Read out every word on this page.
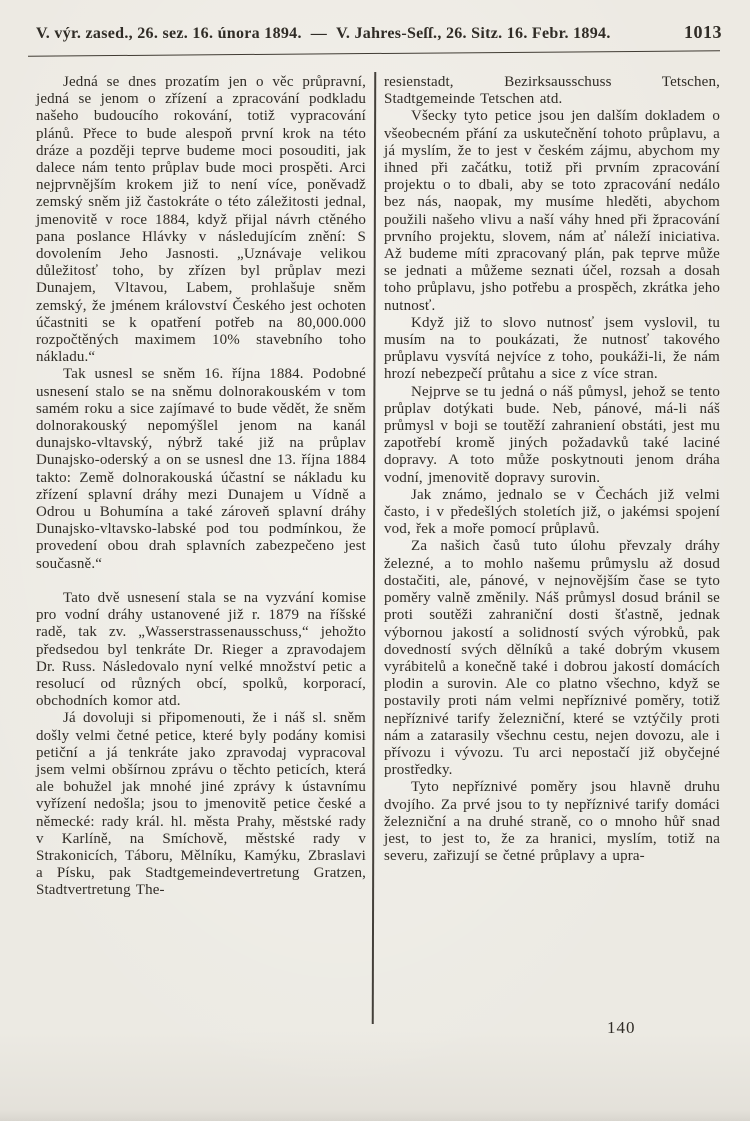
V. výr. zased., 26. sez. 16. února 1894. — V. Jahres-Seſſ., 26. Sitz. 16. Febr. 1894.	1013

Jedná se dnes prozatím jen o věc průpravní, jedná se jenom o zřízení a zpracování podkladu našeho budoucího rokování, totiž vypracování plánů. Přece to bude alespoň první krok na této dráze a později teprve budeme moci posouditi, jak dalece nám tento průplav bude moci prospěti. Arci nejprvnějším krokem již to není více, poněvadž zemský sněm již častokráte o této záležitosti jednal, jmenovitě v roce 1884, když přijal návrh ctěného pana poslance Hlávky v následujícím znění: S dovolením Jeho Jasnosti. „Uznávaje velikou důležitosť toho, by zřízen byl průplav mezi Dunajem, Vltavou, Labem, prohlašuje sněm zemský, že jménem království Českého jest ochoten účastniti se k opatření potřeb na 80,000.000 rozpočtěných maximem 10% stavebního toho nákladu.“

Tak usnesl se sněm 16. října 1884. Podobné usnesení stalo se na sněmu dolnorakouském v tom samém roku a sice zajímavé to bude vědět, že sněm dolnorakouský nepomýšlel jenom na kanál dunajsko-vltavský, nýbrž také již na průplav Dunajsko-oderský a on se usnesl dne 13. října 1884 takto: Země dolnorakouská účastní se nákladu ku zřízení splavní dráhy mezi Dunajem u Vídně a Odrou u Bohumína a také zároveň splavní dráhy Dunajsko-vltavsko-labské pod tou podmínkou, že provedení obou drah splavních zabezpečeno jest současně.“

Tato dvě usnesení stala se na vyzvání komise pro vodní dráhy ustanovené již r. 1879 na říšské radě, tak zv. „Wasserstrassenausschuss,“ jehožto předsedou byl tenkráte Dr. Rieger a zpravodajem Dr. Russ. Následovalo nyní velké množství petic a resolucí od různých obcí, spolků, korporací, obchodních komor atd.

Já dovoluji si připomenouti, že i náš sl. sněm došly velmi četné petice, které byly podány komisi petiční a já tenkráte jako zpravodaj vypracoval jsem velmi obšírnou zprávu o těchto peticích, která ale bohužel jak mnohé jiné zprávy k ústavnímu vyřízení nedošla; jsou to jmenovitě petice české a německé: rady král. hl. města Prahy, městské rady v Karlíně, na Smíchově, městské rady v Strakonicích, Táboru, Mělníku, Kamýku, Zbraslavi a Písku, pak Stadtgemeindevertretung Gratzen, Stadtvertretung The-

resienstadt, Bezirksausschuss Tetschen, Stadtgemeinde Tetschen atd.

Všecky tyto petice jsou jen dalším dokladem o všeobecném přání za uskutečnění tohoto průplavu, a já myslím, že to jest v českém zájmu, abychom my ihned při začátku, totiž při prvním zpracování projektu o to dbali, aby se toto zpracování nedálo bez nás, naopak, my musíme hleděti, abychom použili našeho vlivu a naší váhy hned při žpracování prvního projektu, slovem, nám ať náleží iniciativa. Až budeme míti zpracovaný plán, pak teprve může se jednati a můžeme seznati účel, rozsah a dosah toho průplavu, jsho potřebu a prospěch, zkrátka jeho nutnosť.

Když již to slovo nutnosť jsem vyslovil, tu musím na to poukázati, že nutnosť takového průplavu vysvítá nejvíce z toho, poukáži-li, že nám hrozí nebezpečí průtahu a sice z více stran.

Nejprve se tu jedná o náš půmysl, jehož se tento průplav dotýkati bude. Neb, pánové, má-li náš průmysl v boji se toutěží zahraniení obstáti, jest mu zapotřebí kromě jiných požadavků také laciné dopravy. A toto může poskytnouti jenom dráha vodní, jmenovitě dopravy surovin.

Jak známo, jednalo se v Čechách již velmi často, i v předešlých stoletích již, o jakémsi spojení vod, řek a moře pomocí průplavů.

Za našich časů tuto úlohu převzaly dráhy železné, a to mohlo našemu průmyslu až dosud dostačiti, ale, pánové, v nejnovějším čase se tyto poměry valně změnily. Náš průmysl dosud bránil se proti soutěži zahraniční dosti šťastně, jednak výbornou jakostí a solidností svých výrobků, pak dovedností svých dělníků a také dobrým vkusem vyrábitelů a konečně také i dobrou jakostí domácích plodin a surovin. Ale co platno všechno, když se postavily proti nám velmi nepříznivé poměry, totiž nepříznivé tarify železniční, které se vztýčily proti nám a zatarasily všechnu cestu, nejen dovozu, ale i přívozu i vývozu. Tu arci nepostačí již obyčejné prostředky.

Tyto nepříznivé poměry jsou hlavně druhu dvojího. Za prvé jsou to ty nepříznivé tarify domáci železniční a na druhé straně, co o mnoho hůř snad jest, to jest to, že za hranici, myslím, totiž na severu, zařizují se četné průplavy a upra-

140
